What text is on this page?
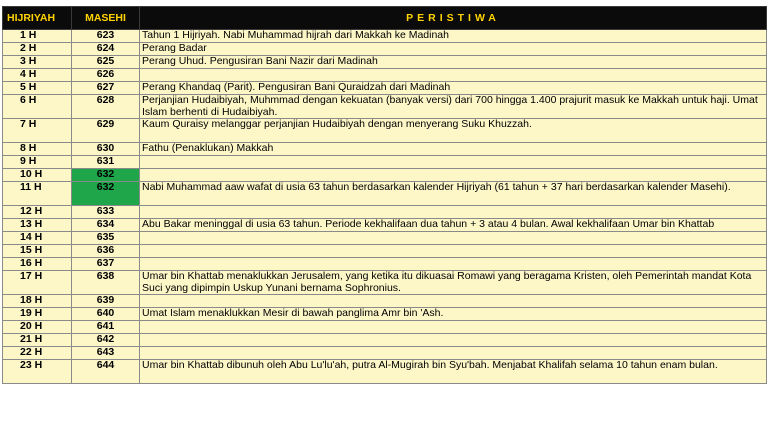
HIJRIYAH	MASEHI	PERISTIWA
1 H	623	Tahun 1 Hijriyah. Nabi Muhammad hijrah dari Makkah ke Madinah
2 H	624	Perang Badar
3 H	625	Perang Uhud. Pengusiran Bani Nazir dari Madinah
4 H	626	
5 H	627	Perang Khandaq (Parit). Pengusiran Bani Quraidzah dari Madinah
6 H	628	Perjanjian Hudaibiyah, Muhmmad dengan kekuatan (banyak versi) dari 700 hingga 1.400 prajurit masuk ke Makkah untuk haji. Umat Islam berhenti di Hudaibiyah.
7 H	629	Kaum Quraisy melanggar perjanjian Hudaibiyah dengan menyerang Suku Khuzzah.
8 H	630	Fathu (Penaklukan) Makkah
9 H	631	
10 H	632	
11 H	632	Nabi Muhammad aaw wafat di usia 63 tahun berdasarkan kalender Hijriyah (61 tahun + 37 hari berdasarkan kalender Masehi).
12 H	633	
13 H	634	Abu Bakar meninggal di usia 63 tahun. Periode kekhalifaan dua tahun + 3 atau 4 bulan. Awal kekhalifaan Umar bin Khattab
14 H	635	
15 H	636	
16 H	637	
17 H	638	Umar bin Khattab menaklukkan Jerusalem, yang ketika itu dikuasai Romawi yang beragama Kristen, oleh Pemerintah mandat Kota Suci yang dipimpin Uskup Yunani bernama Sophronius.
18 H	639	
19 H	640	Umat Islam menaklukkan Mesir di bawah panglima Amr bin 'Ash.
20 H	641	
21 H	642	
22 H	643	
23 H	644	Umar bin Khattab dibunuh oleh Abu Lu'lu'ah, putra Al-Mugirah bin Syu'bah. Menjabat Khalifah selama 10 tahun enam bulan.
